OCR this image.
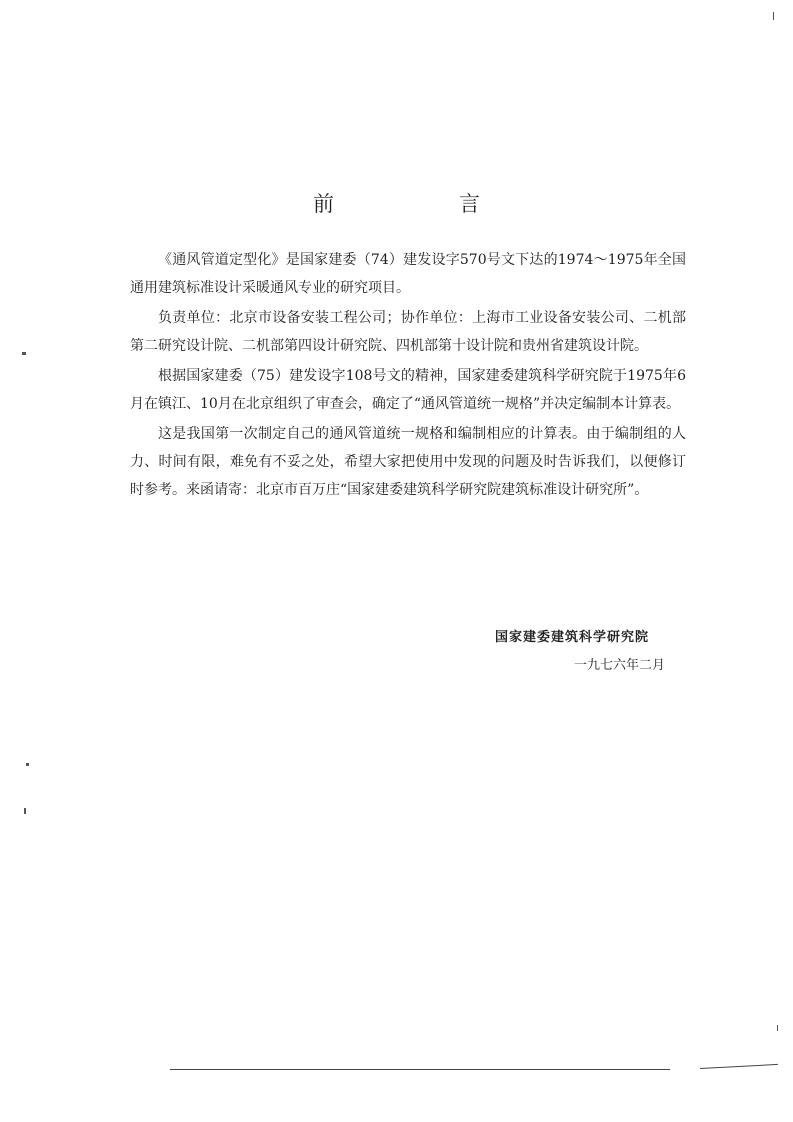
前　言

《通风管道定型化》是国家建委（74）建发设字570号文下达的1974～1975年全国通用建筑标准设计采暖通风专业的研究项目。

负责单位：北京市设备安装工程公司；协作单位：上海市工业设备安装公司、二机部第二研究设计院、二机部第四设计研究院、四机部第十设计院和贵州省建筑设计院。

根据国家建委（75）建发设字108号文的精神，国家建委建筑科学研究院于1975年6月在镇江、10月在北京组织了审查会，确定了“通风管道统一规格”并决定编制本计算表。

这是我国第一次制定自己的通风管道统一规格和编制相应的计算表。由于编制组的人力、时间有限，难免有不妥之处，希望大家把使用中发现的问题及时告诉我们，以便修订时参考。来函请寄：北京市百万庄“国家建委建筑科学研究院建筑标准设计研究所”。

国家建委建筑科学研究院
一九七六年二月
